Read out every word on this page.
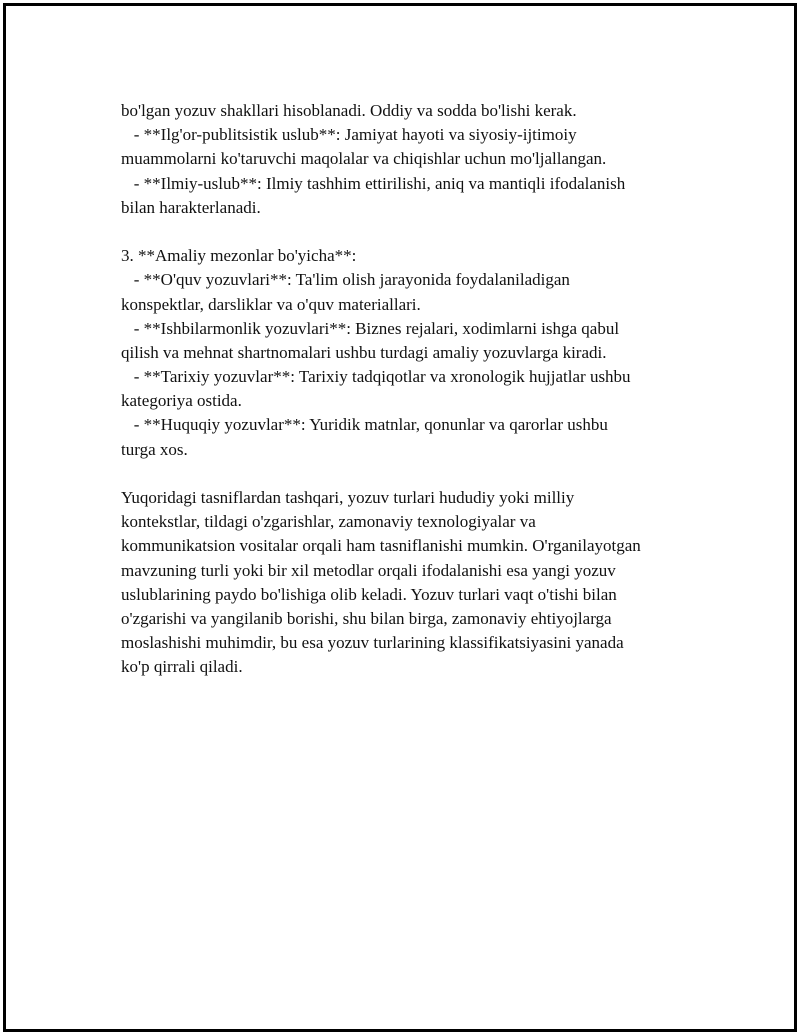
bo'lgan yozuv shakllari hisoblanadi. Oddiy va sodda bo'lishi kerak.
- **Ilg'or-publitsistik uslub**: Jamiyat hayoti va siyosiy-ijtimoiy
muammolarni ko'taruvchi maqolalar va chiqishlar uchun mo'ljallangan.
- **Ilmiy-uslub**: Ilmiy tashhim ettirilishi, aniq va mantiqli ifodalanish
bilan harakterlanadi.
3. **Amaliy mezonlar bo'yicha**:
- **O'quv yozuvlari**: Ta'lim olish jarayonida foydalaniladigan
konspektlar, darsliklar va o'quv materiallari.
- **Ishbilarmonlik yozuvlari**: Biznes rejalari, xodimlarni ishga qabul
qilish va mehnat shartnomalari ushbu turdagi amaliy yozuvlarga kiradi.
- **Tarixiy yozuvlar**: Tarixiy tadqiqotlar va xronologik hujjatlar ushbu
kategoriya ostida.
- **Huquqiy yozuvlar**: Yuridik matnlar, qonunlar va qarorlar ushbu
turga xos.
Yuqoridagi tasniflardan tashqari, yozuv turlari hududiy yoki milliy
kontekstlar, tildagi o'zgarishlar, zamonaviy texnologiyalar va
kommunikatsion vositalar orqali ham tasniflanishi mumkin. O'rganilayotgan
mavzuning turli yoki bir xil metodlar orqali ifodalanishi esa yangi yozuv
uslublarining paydo bo'lishiga olib keladi. Yozuv turlari vaqt o'tishi bilan
o'zgarishi va yangilanib borishi, shu bilan birga, zamonaviy ehtiyojlarga
moslashishi muhimdir, bu esa yozuv turlarining klassifikatsiyasini yanada
ko'p qirrali qiladi.
